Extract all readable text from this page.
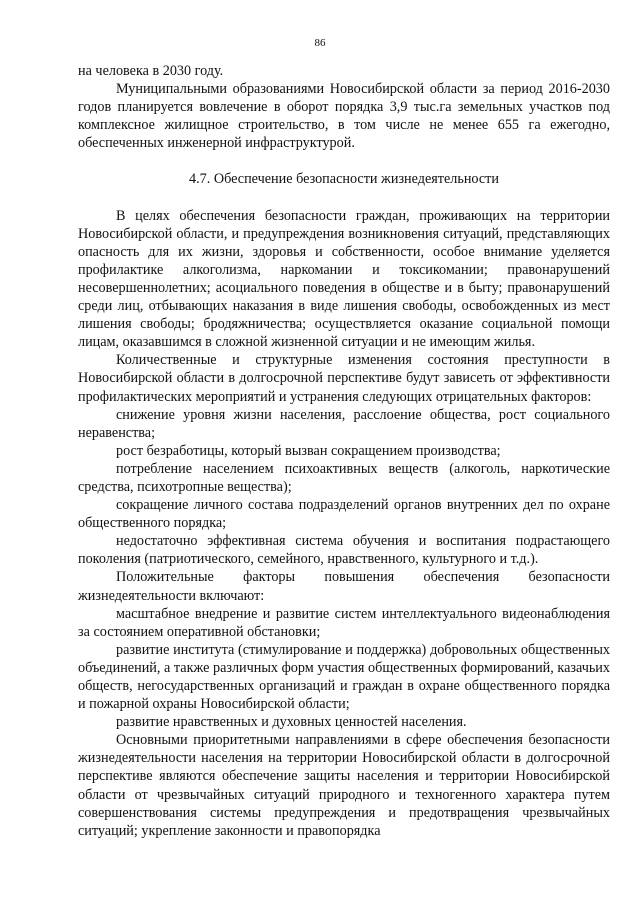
86

на человека в 2030 году.

Муниципальными образованиями Новосибирской области за период 2016-2030 годов планируется вовлечение в оборот порядка 3,9 тыс.га земельных участков под комплексное жилищное строительство, в том числе не менее 655 га ежегодно, обеспеченных инженерной инфраструктурой.

4.7. Обеспечение безопасности жизнедеятельности

В целях обеспечения безопасности граждан, проживающих на территории Новосибирской области, и предупреждения возникновения ситуаций, представляющих опасность для их жизни, здоровья и собственности, особое внимание уделяется профилактике алкоголизма, наркомании и токсикомании; правонарушений несовершеннолетних; асоциального поведения в обществе и в быту; правонарушений среди лиц, отбывающих наказания в виде лишения свободы, освобожденных из мест лишения свободы; бродяжничества; осуществляется оказание социальной помощи лицам, оказавшимся в сложной жизненной ситуации и не имеющим жилья.

Количественные и структурные изменения состояния преступности в Новосибирской области в долгосрочной перспективе будут зависеть от эффективности профилактических мероприятий и устранения следующих отрицательных факторов:

снижение уровня жизни населения, расслоение общества, рост социального неравенства;

рост безработицы, который вызван сокращением производства;

потребление населением психоактивных веществ (алкоголь, наркотические средства, психотропные вещества);

сокращение личного состава подразделений органов внутренних дел по охране общественного порядка;

недостаточно эффективная система обучения и воспитания подрастающего поколения (патриотического, семейного, нравственного, культурного и т.д.).

Положительные факторы повышения обеспечения безопасности жизнедеятельности включают:

масштабное внедрение и развитие систем интеллектуального видеонаблюдения за состоянием оперативной обстановки;

развитие института (стимулирование и поддержка) добровольных общественных объединений, а также различных форм участия общественных формирований, казачьих обществ, негосударственных организаций и граждан в охране общественного порядка и пожарной охраны Новосибирской области;

развитие нравственных и духовных ценностей населения.

Основными приоритетными направлениями в сфере обеспечения безопасности жизнедеятельности населения на территории Новосибирской области в долгосрочной перспективе являются обеспечение защиты населения и территории Новосибирской области от чрезвычайных ситуаций природного и техногенного характера путем совершенствования системы предупреждения и предотвращения чрезвычайных ситуаций; укрепление законности и правопорядка
